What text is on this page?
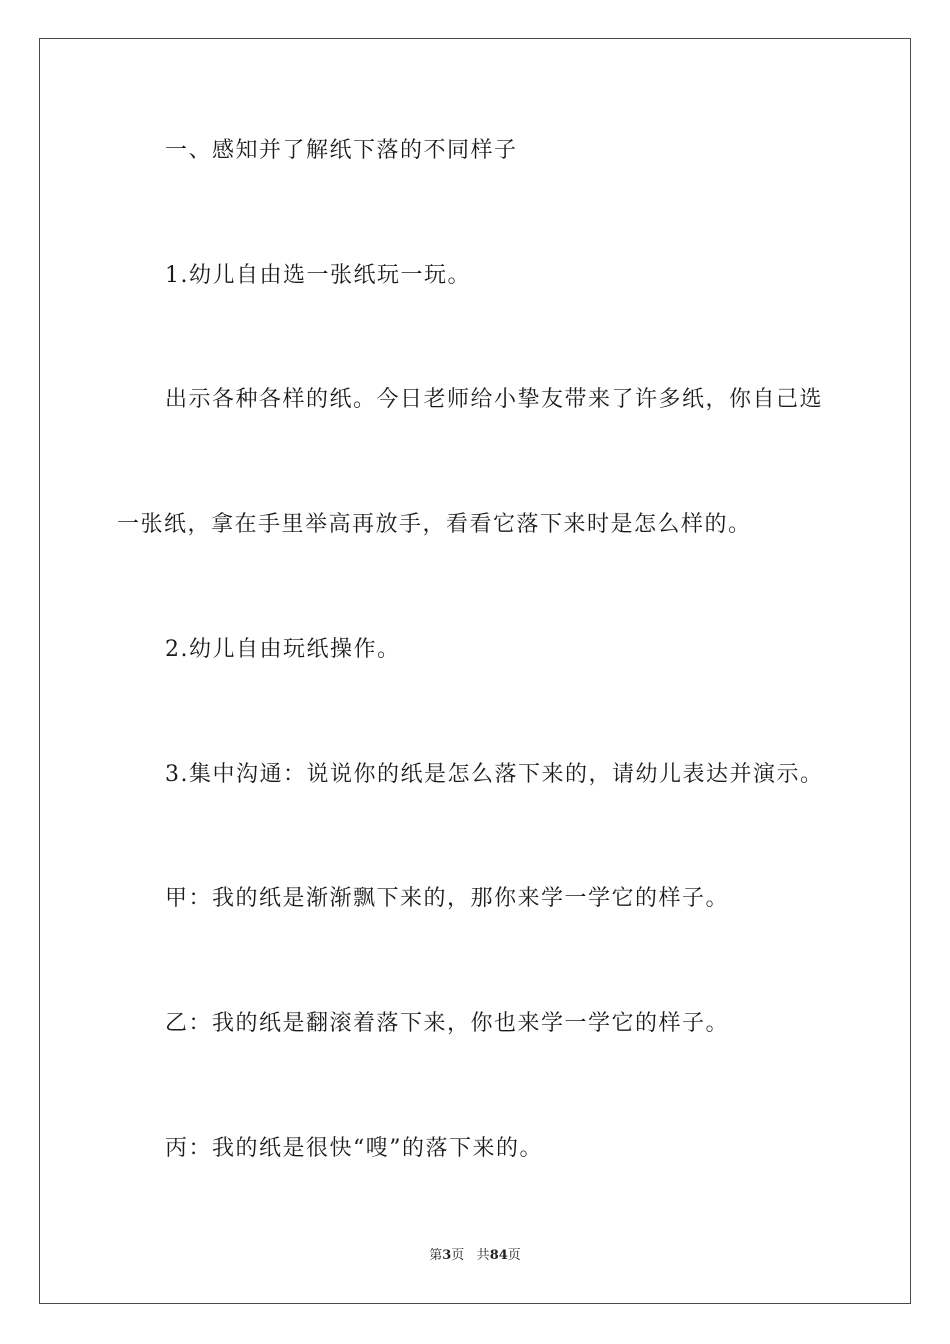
一、感知并了解纸下落的不同样子
1.幼儿自由选一张纸玩一玩。
出示各种各样的纸。今日老师给小挚友带来了许多纸，你自己选
一张纸，拿在手里举高再放手，看看它落下来时是怎么样的。
2.幼儿自由玩纸操作。
3.集中沟通：说说你的纸是怎么落下来的，请幼儿表达并演示。
甲：我的纸是渐渐飘下来的，那你来学一学它的样子。
乙：我的纸是翻滚着落下来，你也来学一学它的样子。
丙：我的纸是很快“嗖”的落下来的。
第3页 共84页
